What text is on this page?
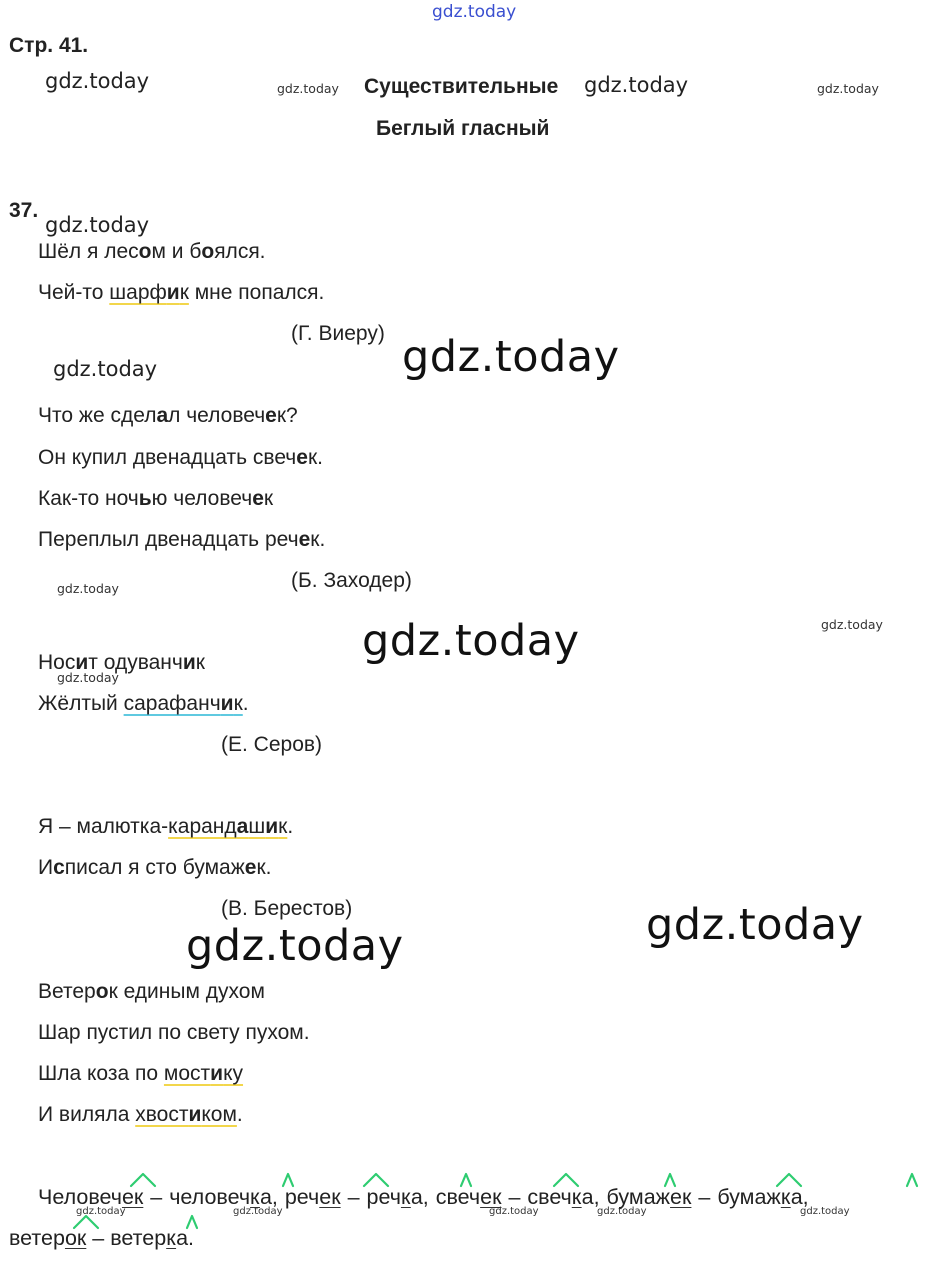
gdz.today
Стр. 41.
Существительные
Беглый гласный
37.
gdz.today	gdz.today	gdz.today	gdz.today
gdz.today
gdz.today
gdz.today
gdz.today
gdz.today	gdz.today
gdz.today
gdz.today
gdz.today
gdz.today	gdz.today	gdz.today	gdz.today	gdz.today
Шёл я лесом и боялся.
Чей-то шарфик мне попался.
(Г. Виеру)
Что же сделал человечек?
Он купил двенадцать свечек.
Как-то ночью человечек
Переплыл двенадцать речек.
(Б. Заходер)
Носит одуванчик
Жёлтый сарафанчик.
(Е. Серов)
Я – малютка-карандашик.
Исписал я сто бумажек.
(В. Берестов)
Ветерок единым духом
Шар пустил по свету пухом.
Шла коза по мостику
И виляла хвостиком.
Человечек – человечка, речек – речка, свечек – свечка, бумажек – бумажка,
ветерок – ветерка.
